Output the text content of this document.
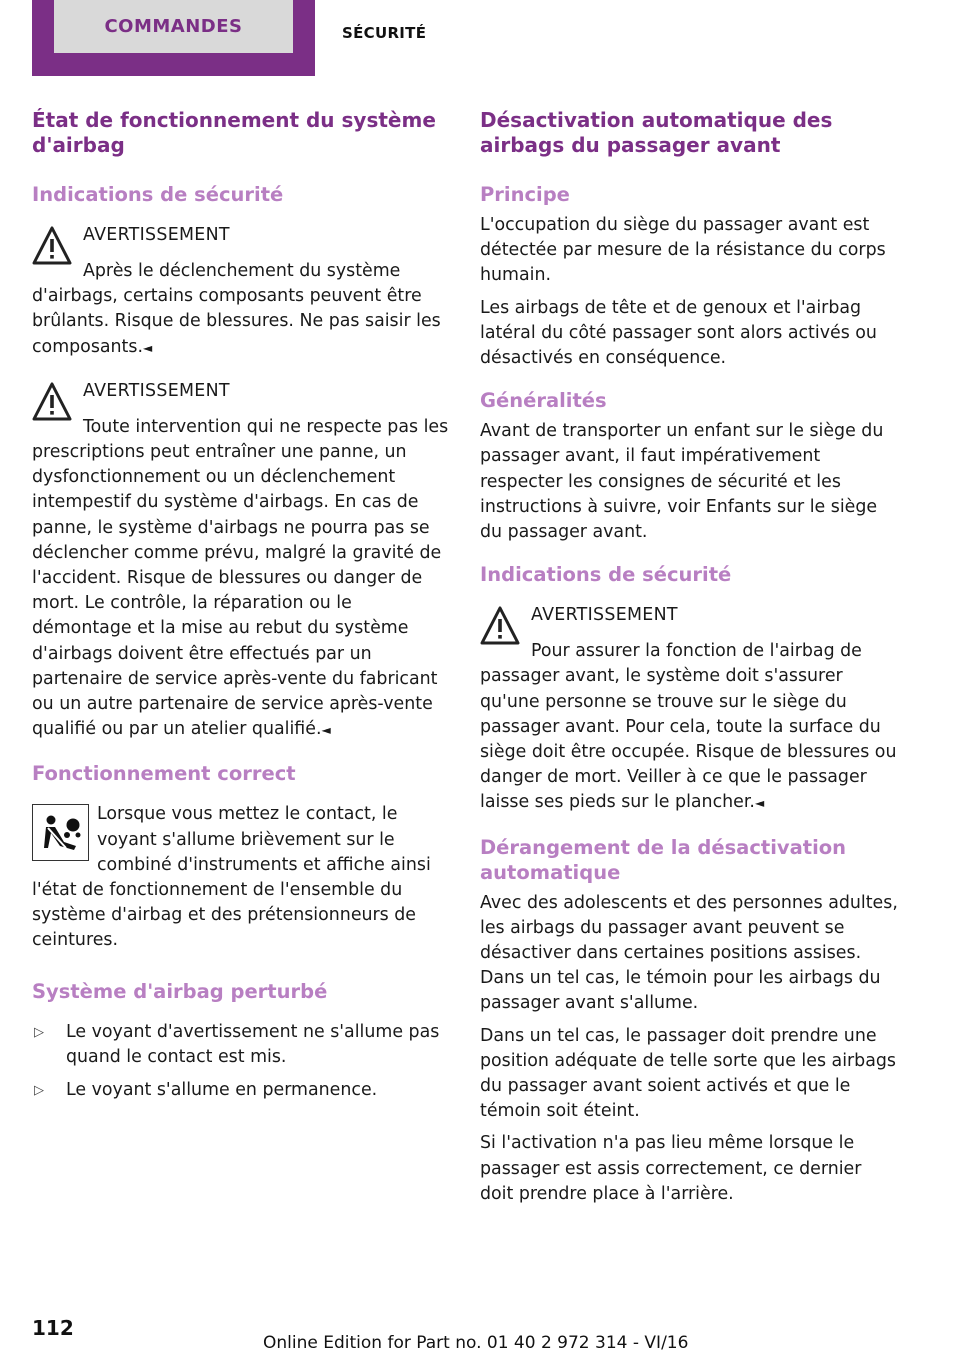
COMMANDES	SÉCURITÉ
État de fonctionnement du système d'airbag
Indications de sécurité
AVERTISSEMENT
Après le déclenchement du système
d'airbags, certains composants peuvent être brûlants. Risque de blessures. Ne pas saisir les composants.◄
AVERTISSEMENT
Toute intervention qui ne respecte pas les
prescriptions peut entraîner une panne, un dysfonctionnement ou un déclenchement intempestif du système d'airbags. En cas de panne, le système d'airbags ne pourra pas se déclencher comme prévu, malgré la gravité de l'accident. Risque de blessures ou danger de mort. Le contrôle, la réparation ou le démontage et la mise au rebut du système d'airbags doivent être effectués par un partenaire de service après-vente du fabricant ou un autre partenaire de service après-vente qualifié ou par un atelier qualifié.◄
Fonctionnement correct
Lorsque vous mettez le contact, le voyant s'allume brièvement sur le combiné d'instruments et affiche ainsi l'état de fonctionnement de l'ensemble du système d'airbag et des prétensionneurs de ceintures.
Système d'airbag perturbé
▷	Le voyant d'avertissement ne s'allume pas quand le contact est mis.
▷	Le voyant s'allume en permanence.
Désactivation automatique des airbags du passager avant
Principe
L'occupation du siège du passager avant est détectée par mesure de la résistance du corps humain.
Les airbags de tête et de genoux et l'airbag latéral du côté passager sont alors activés ou désactivés en conséquence.
Généralités
Avant de transporter un enfant sur le siège du passager avant, il faut impérativement respecter les consignes de sécurité et les instructions à suivre, voir Enfants sur le siège du passager avant.
Indications de sécurité
AVERTISSEMENT
Pour assurer la fonction de l'airbag de
passager avant, le système doit s'assurer qu'une personne se trouve sur le siège du passager avant. Pour cela, toute la surface du siège doit être occupée. Risque de blessures ou danger de mort. Veiller à ce que le passager laisse ses pieds sur le plancher.◄
Dérangement de la désactivation automatique
Avec des adolescents et des personnes adultes, les airbags du passager avant peuvent se désactiver dans certaines positions assises. Dans un tel cas, le témoin pour les airbags du passager avant s'allume.
Dans un tel cas, le passager doit prendre une position adéquate de telle sorte que les airbags du passager avant soient activés et que le témoin soit éteint.
Si l'activation n'a pas lieu même lorsque le passager est assis correctement, ce dernier doit prendre place à l'arrière.
112
Online Edition for Part no. 01 40 2 972 314 - VI/16
